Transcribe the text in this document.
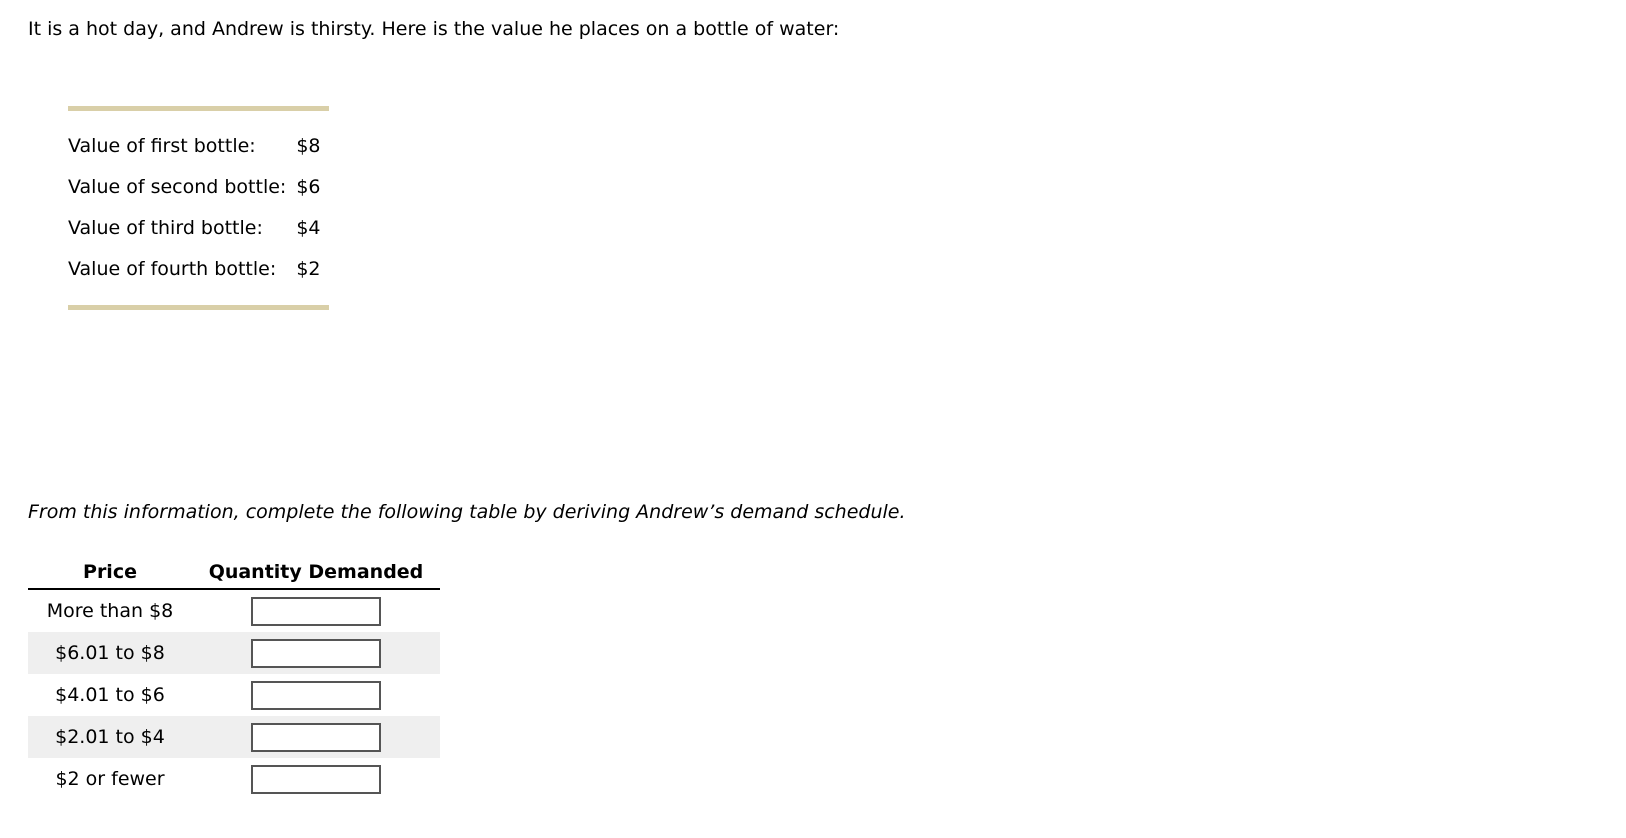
It is a hot day, and Andrew is thirsty. Here is the value he places on a bottle of water:
Value of first bottle:	$8
Value of second bottle:	$6
Value of third bottle:	$4
Value of fourth bottle:	$2
From this information, complete the following table by deriving Andrew’s demand schedule.
Price	Quantity Demanded
More than $8	
$6.01 to $8	
$4.01 to $6	
$2.01 to $4	
$2 or fewer	
